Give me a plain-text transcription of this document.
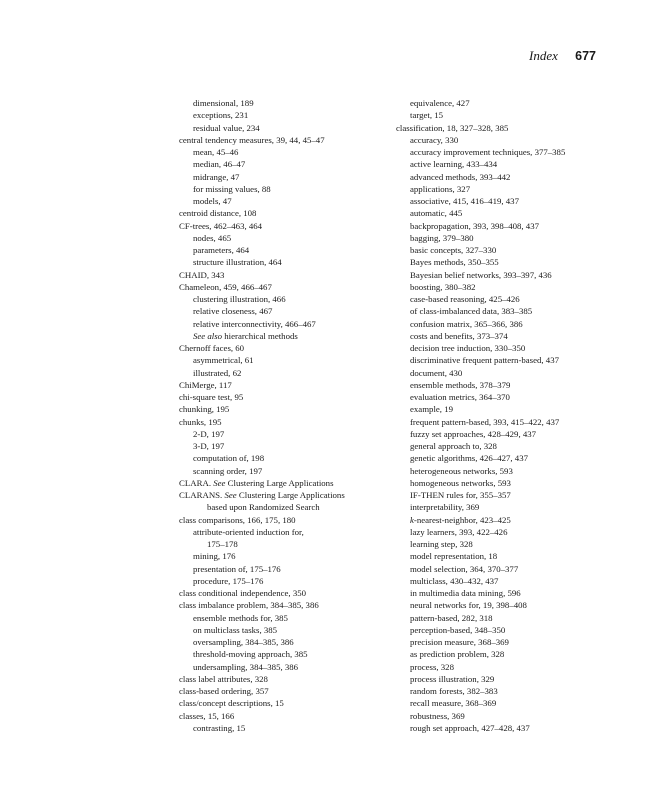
Index 677
dimensional, 189
exceptions, 231
residual value, 234
central tendency measures, 39, 44, 45–47
mean, 45–46
median, 46–47
midrange, 47
for missing values, 88
models, 47
centroid distance, 108
CF-trees, 462–463, 464
nodes, 465
parameters, 464
structure illustration, 464
CHAID, 343
Chameleon, 459, 466–467
clustering illustration, 466
relative closeness, 467
relative interconnectivity, 466–467
See also hierarchical methods
Chernoff faces, 60
asymmetrical, 61
illustrated, 62
ChiMerge, 117
chi-square test, 95
chunking, 195
chunks, 195
2-D, 197
3-D, 197
computation of, 198
scanning order, 197
CLARA. See Clustering Large Applications
CLARANS. See Clustering Large Applications
based upon Randomized Search
class comparisons, 166, 175, 180
attribute-oriented induction for,
175–178
mining, 176
presentation of, 175–176
procedure, 175–176
class conditional independence, 350
class imbalance problem, 384–385, 386
ensemble methods for, 385
on multiclass tasks, 385
oversampling, 384–385, 386
threshold-moving approach, 385
undersampling, 384–385, 386
class label attributes, 328
class-based ordering, 357
class/concept descriptions, 15
classes, 15, 166
contrasting, 15
equivalence, 427
target, 15
classification, 18, 327–328, 385
accuracy, 330
accuracy improvement techniques, 377–385
active learning, 433–434
advanced methods, 393–442
applications, 327
associative, 415, 416–419, 437
automatic, 445
backpropagation, 393, 398–408, 437
bagging, 379–380
basic concepts, 327–330
Bayes methods, 350–355
Bayesian belief networks, 393–397, 436
boosting, 380–382
case-based reasoning, 425–426
of class-imbalanced data, 383–385
confusion matrix, 365–366, 386
costs and benefits, 373–374
decision tree induction, 330–350
discriminative frequent pattern-based, 437
document, 430
ensemble methods, 378–379
evaluation metrics, 364–370
example, 19
frequent pattern-based, 393, 415–422, 437
fuzzy set approaches, 428–429, 437
general approach to, 328
genetic algorithms, 426–427, 437
heterogeneous networks, 593
homogeneous networks, 593
IF-THEN rules for, 355–357
interpretability, 369
k-nearest-neighbor, 423–425
lazy learners, 393, 422–426
learning step, 328
model representation, 18
model selection, 364, 370–377
multiclass, 430–432, 437
in multimedia data mining, 596
neural networks for, 19, 398–408
pattern-based, 282, 318
perception-based, 348–350
precision measure, 368–369
as prediction problem, 328
process, 328
process illustration, 329
random forests, 382–383
recall measure, 368–369
robustness, 369
rough set approach, 427–428, 437
